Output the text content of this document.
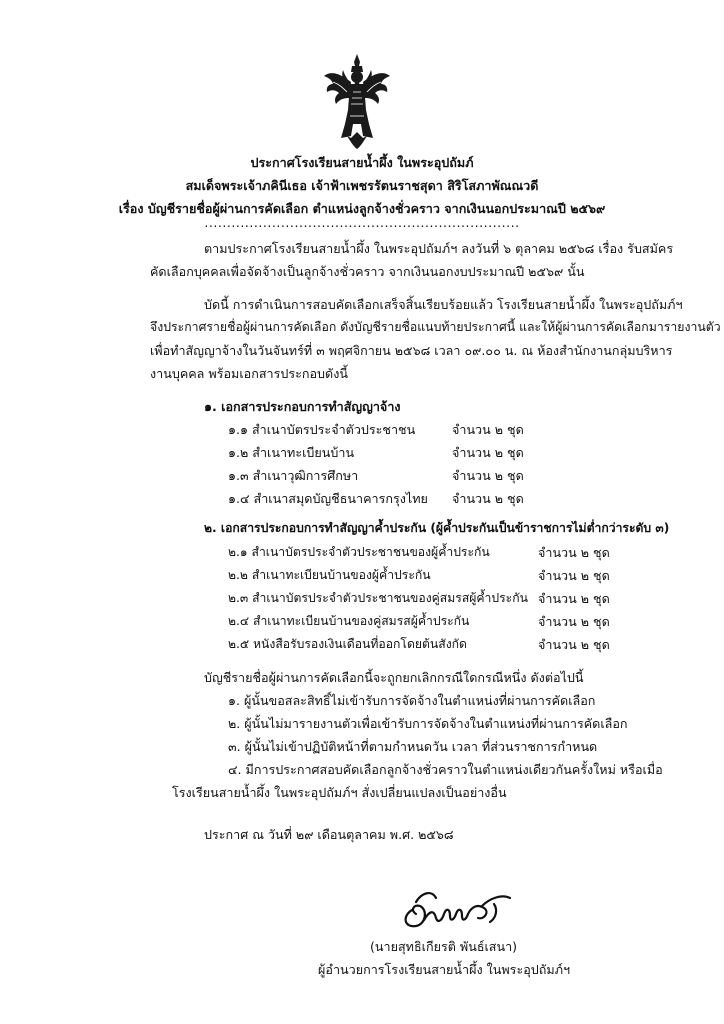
ประกาศโรงเรียนสายน้ำผึ้ง ในพระอุปถัมภ์
สมเด็จพระเจ้าภคินีเธอ เจ้าฟ้าเพชรรัตนราชสุดา สิริโสภาพัณณวดี
เรื่อง บัญชีรายชื่อผู้ผ่านการคัดเลือก ตำแหน่งลูกจ้างชั่วคราว จากเงินนอกประมาณปี ๒๕๖๙
......................................................................
ตามประกาศโรงเรียนสายน้ำผึ้ง ในพระอุปถัมภ์ฯ ลงวันที่ ๖ ตุลาคม ๒๕๖๘ เรื่อง รับสมัคร
คัดเลือกบุคคลเพื่อจัดจ้างเป็นลูกจ้างชั่วคราว จากเงินนอกงบประมาณปี ๒๕๖๙ นั้น
บัดนี้ การดำเนินการสอบคัดเลือกเสร็จสิ้นเรียบร้อยแล้ว โรงเรียนสายน้ำผึ้ง ในพระอุปถัมภ์ฯ
จึงประกาศรายชื่อผู้ผ่านการคัดเลือก ดังบัญชีรายชื่อแนบท้ายประกาศนี้ และให้ผู้ผ่านการคัดเลือกมารายงานตัว
เพื่อทำสัญญาจ้างในวันจันทร์ที่ ๓ พฤศจิกายน ๒๕๖๘ เวลา ๐๙.๐๐ น. ณ ห้องสำนักงานกลุ่มบริหาร
งานบุคคล พร้อมเอกสารประกอบดังนี้
๑. เอกสารประกอบการทำสัญญาจ้าง
๑.๑ สำเนาบัตรประจำตัวประชาชน	จำนวน ๒ ชุด
๑.๒ สำเนาทะเบียนบ้าน	จำนวน ๒ ชุด
๑.๓ สำเนาวุฒิการศึกษา	จำนวน ๒ ชุด
๑.๔ สำเนาสมุดบัญชีธนาคารกรุงไทย จำนวน ๒ ชุด
๒. เอกสารประกอบการทำสัญญาค้ำประกัน (ผู้ค้ำประกันเป็นข้าราชการไม่ต่ำกว่าระดับ ๓)
๒.๑ สำเนาบัตรประจำตัวประชาชนของผู้ค้ำประกัน	จำนวน ๒ ชุด
๒.๒ สำเนาทะเบียนบ้านของผู้ค้ำประกัน	จำนวน ๒ ชุด
๒.๓ สำเนาบัตรประจำตัวประชาชนของคู่สมรสผู้ค้ำประกัน จำนวน ๒ ชุด
๒.๔ สำเนาทะเบียนบ้านของคู่สมรสผู้ค้ำประกัน	จำนวน ๒ ชุด
๒.๕ หนังสือรับรองเงินเดือนที่ออกโดยต้นสังกัด	จำนวน ๒ ชุด
บัญชีรายชื่อผู้ผ่านการคัดเลือกนี้จะถูกยกเลิกกรณีใดกรณีหนึ่ง ดังต่อไปนี้
๑. ผู้นั้นขอสละสิทธิ์ไม่เข้ารับการจัดจ้างในตำแหน่งที่ผ่านการคัดเลือก
๒. ผู้นั้นไม่มารายงานตัวเพื่อเข้ารับการจัดจ้างในตำแหน่งที่ผ่านการคัดเลือก
๓. ผู้นั้นไม่เข้าปฏิบัติหน้าที่ตามกำหนดวัน เวลา ที่ส่วนราชการกำหนด
๔. มีการประกาศสอบคัดเลือกลูกจ้างชั่วคราวในตำแหน่งเดียวกันครั้งใหม่ หรือเมื่อ
โรงเรียนสายน้ำผึ้ง ในพระอุปถัมภ์ฯ สั่งเปลี่ยนแปลงเป็นอย่างอื่น
ประกาศ ณ วันที่ ๒๙ เดือนตุลาคม พ.ศ. ๒๕๖๘
(นายสุทธิเกียรติ พันธ์เสนา)
ผู้อำนวยการโรงเรียนสายน้ำผึ้ง ในพระอุปถัมภ์ฯ
